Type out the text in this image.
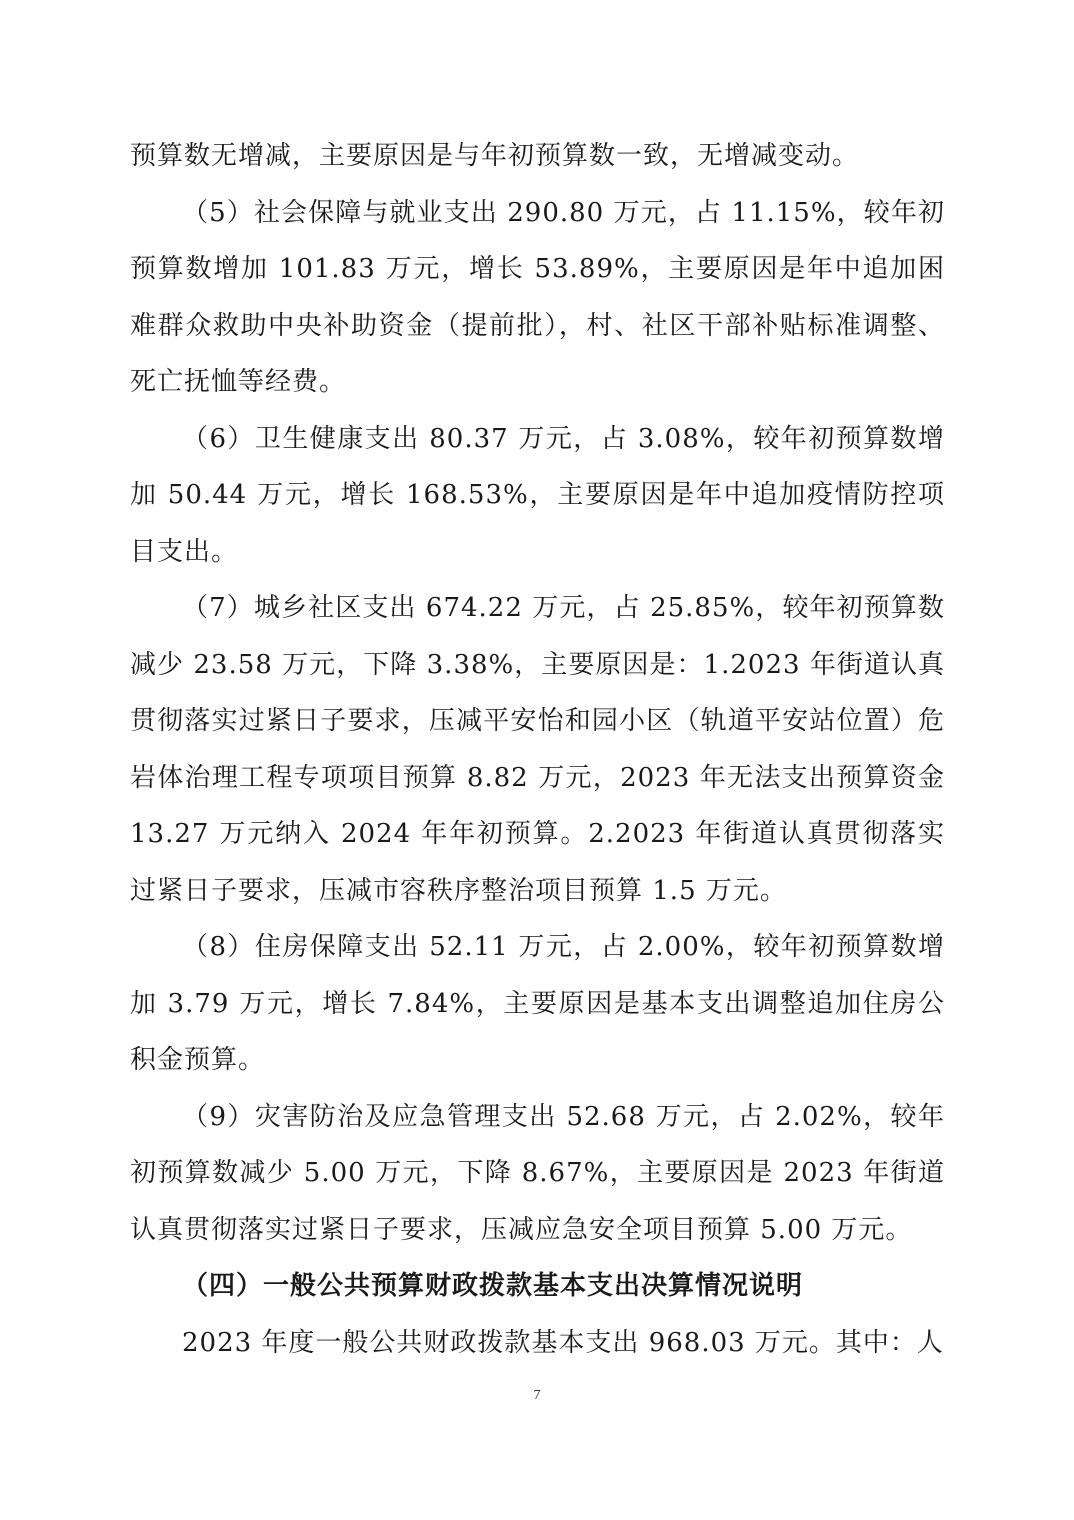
预算数无增减，主要原因是与年初预算数一致，无增减变动。

（5）社会保障与就业支出 290.80 万元，占 11.15%，较年初预算数增加 101.83 万元，增长 53.89%，主要原因是年中追加困难群众救助中央补助资金（提前批），村、社区干部补贴标准调整、死亡抚恤等经费。

（6）卫生健康支出 80.37 万元，占 3.08%，较年初预算数增加 50.44 万元，增长 168.53%，主要原因是年中追加疫情防控项目支出。

（7）城乡社区支出 674.22 万元，占 25.85%，较年初预算数减少 23.58 万元，下降 3.38%，主要原因是：1.2023 年街道认真贯彻落实过紧日子要求，压减平安怡和园小区（轨道平安站位置）危岩体治理工程专项项目预算 8.82 万元，2023 年无法支出预算资金 13.27 万元纳入 2024 年年初预算。2.2023 年街道认真贯彻落实过紧日子要求，压减市容秩序整治项目预算 1.5 万元。

（8）住房保障支出 52.11 万元，占 2.00%，较年初预算数增加 3.79 万元，增长 7.84%，主要原因是基本支出调整追加住房公积金预算。

（9）灾害防治及应急管理支出 52.68 万元，占 2.02%，较年初预算数减少 5.00 万元，下降 8.67%，主要原因是 2023 年街道认真贯彻落实过紧日子要求，压减应急安全项目预算 5.00 万元。

（四）一般公共预算财政拨款基本支出决算情况说明

2023 年度一般公共财政拨款基本支出 968.03 万元。其中：人

7
